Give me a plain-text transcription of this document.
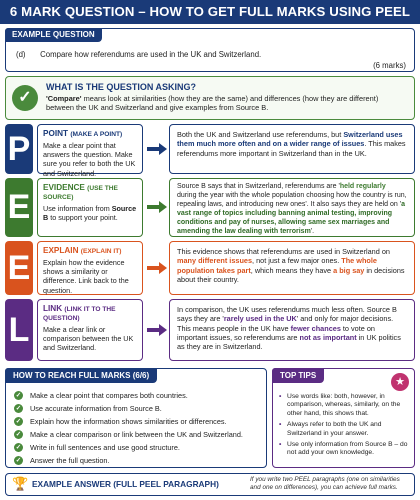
6 MARK QUESTION – HOW TO GET FULL MARKS USING PEEL
EXAMPLE QUESTION
(d) Compare how referendums are used in the UK and Switzerland.
(6 marks)
✓
WHAT IS THE QUESTION ASKING?
'Compare' means look at similarities (how they are the same) and differences (how they are different) between the UK and Switzerland and give examples from Source B.
P	POINT (MAKE A POINT)
Make a clear point that answers the question. Make sure you refer to both the UK and Switzerland.
Both the UK and Switzerland use referendums, but Switzerland uses them much more often and on a wider range of issues. This makes referendums more important in Switzerland than in the UK.
E
EVIDENCE (USE THE SOURCE)
Use information from Source B to support your point.
Source B says that in Switzerland, referendums are 'held regularly during the year with the whole population choosing how the country is run, repealing laws, and introducing new ones'. It also says they are held on 'a vast range of topics including banning animal testing, improving conditions and pay of nurses, allowing same sex marriages and amending the law dealing with terrorism'.
E	EXPLAIN (EXPLAIN IT)
Explain how the evidence shows a similarity or difference. Link back to the question.
This evidence shows that referendums are used in Switzerland on many different issues, not just a few major ones. The whole population takes part, which means they have a big say in decisions about their country.
L
LINK (LINK IT TO THE QUESTION)
Make a clear link or comparison between the UK and Switzerland.
In comparison, the UK uses referendums much less often. Source B says they are 'rarely used in the UK' and only for major decisions. This means people in the UK have fewer chances to vote on important issues, so referendums are not as important in UK politics as they are in Switzerland.
HOW TO REACH FULL MARKS (6/6)
✓ Make a clear point that compares both countries.
✓ Use accurate information from Source B.
✓ Explain how the information shows similarities or differences.
✓ Make a clear comparison or link between the UK and Switzerland.
✓ Write in full sentences and use good structure.
✓ Answer the full question.
TOP TIPS
★
• Use words like: both, however, in comparison, whereas, similarly, on the other hand, this shows that.
• Always refer to both the UK and Switzerland in your answer.
• Use only information from Source B – do not add your own knowledge.
🏆 EXAMPLE ANSWER (FULL PEEL PARAGRAPH)	If you write two PEEL paragraphs (one on similarities and one on differences), you can achieve full marks.
